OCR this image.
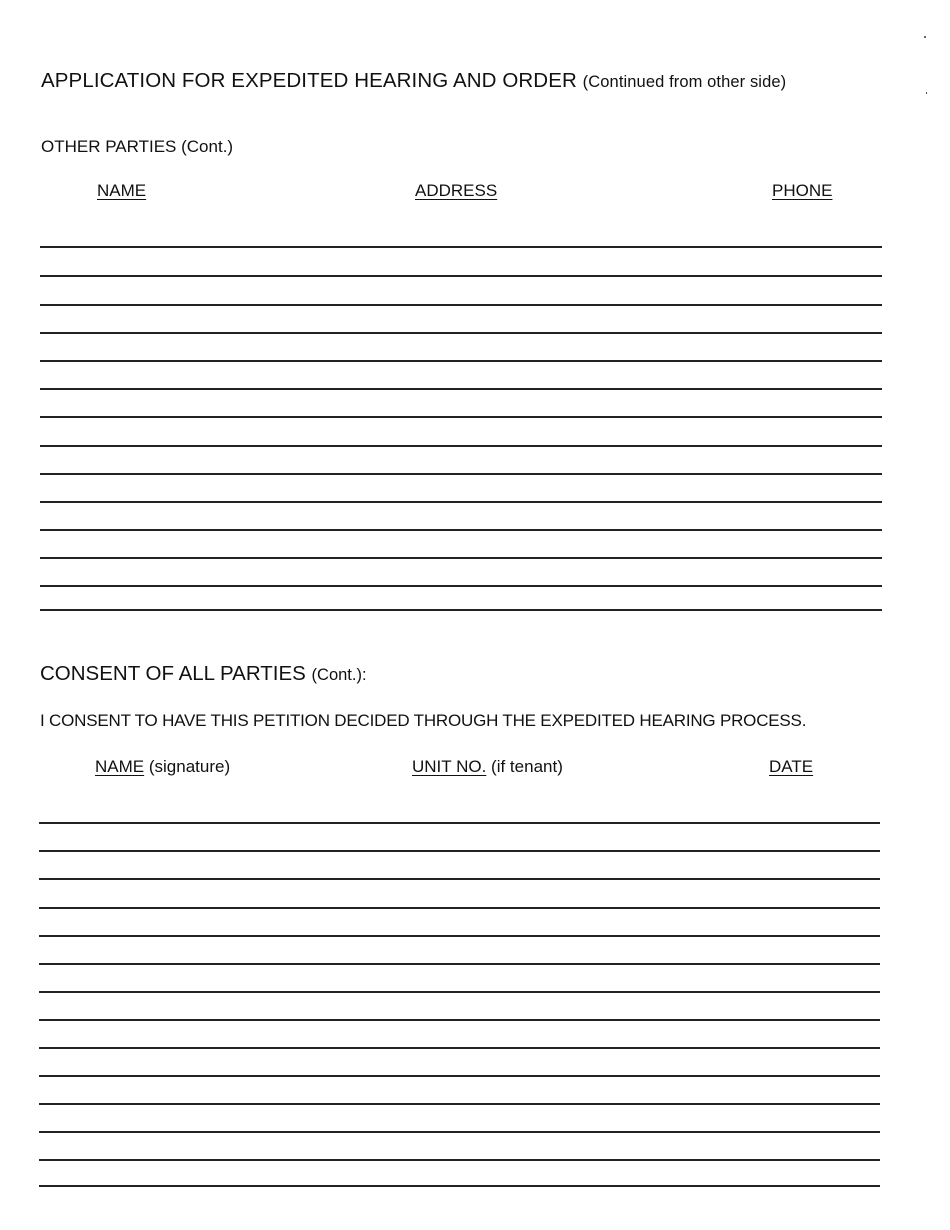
APPLICATION FOR EXPEDITED HEARING AND ORDER (Continued from other side)
OTHER PARTIES (Cont.)
NAME	ADDRESS	PHONE
CONSENT OF ALL PARTIES (Cont.):
I CONSENT TO HAVE THIS PETITION DECIDED THROUGH THE EXPEDITED HEARING PROCESS.
NAME (signature)	UNIT NO. (if tenant)	DATE
